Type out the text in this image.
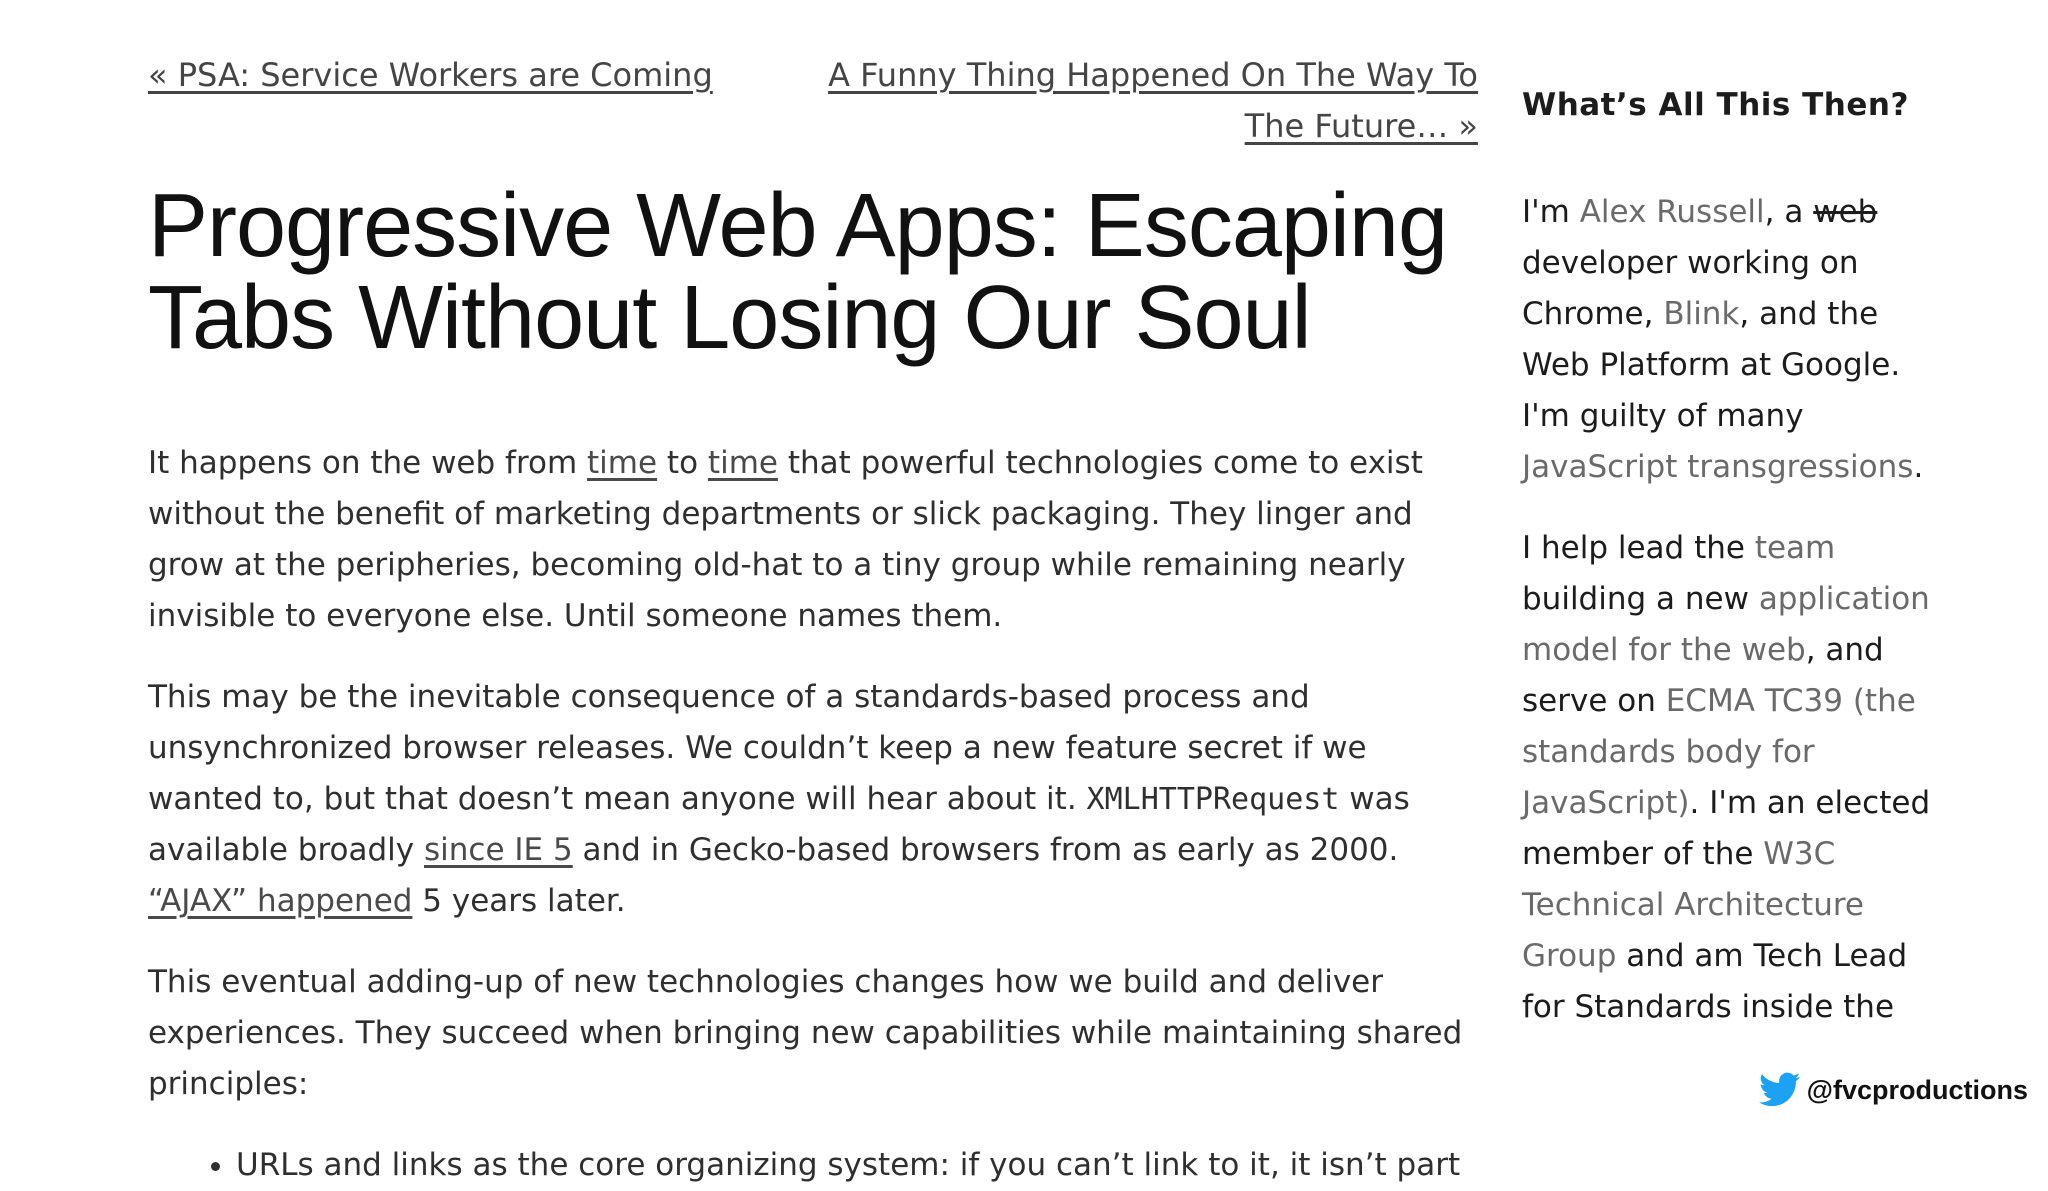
« PSA: Service Workers are Coming	A Funny Thing Happened On The Way To The Future… »
Progressive Web Apps: Escaping Tabs Without Losing Our Soul

It happens on the web from time to time that powerful technologies come to exist without the benefit of marketing departments or slick packaging. They linger and grow at the peripheries, becoming old-hat to a tiny group while remaining nearly invisible to everyone else. Until someone names them.

This may be the inevitable consequence of a standards-based process and unsynchronized browser releases. We couldn’t keep a new feature secret if we wanted to, but that doesn’t mean anyone will hear about it. XMLHTTPRequest was available broadly since IE 5 and in Gecko-based browsers from as early as 2000. “AJAX” happened 5 years later.

This eventual adding-up of new technologies changes how we build and deliver experiences. They succeed when bringing new capabilities while maintaining shared principles:

• URLs and links as the core organizing system: if you can’t link to it, it isn’t part
What’s All This Then?

I'm Alex Russell, a web developer working on Chrome, Blink, and the Web Platform at Google. I'm guilty of many JavaScript transgressions.

I help lead the team building a new application model for the web, and serve on ECMA TC39 (the standards body for JavaScript). I'm an elected member of the W3C Technical Architecture Group and am Tech Lead for Standards inside the

@fvcproductions
